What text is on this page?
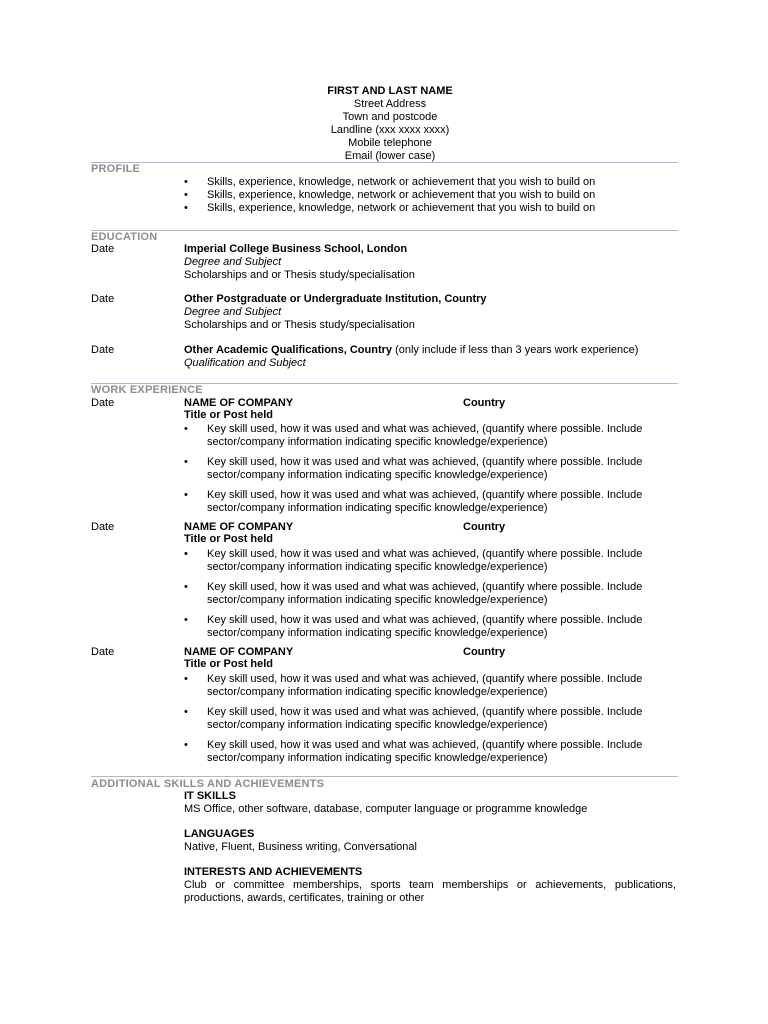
FIRST AND LAST NAME
Street Address
Town and postcode
Landline (xxx xxxx xxxx)
Mobile telephone
Email (lower case)
PROFILE
• Skills, experience, knowledge, network or achievement that you wish to build on
• Skills, experience, knowledge, network or achievement that you wish to build on
• Skills, experience, knowledge, network or achievement that you wish to build on
EDUCATION
Date	Imperial College Business School, London
Degree and Subject
Scholarships and or Thesis study/specialisation
Date	Other Postgraduate or Undergraduate Institution, Country
Degree and Subject
Scholarships and or Thesis study/specialisation
Date	Other Academic Qualifications, Country (only include if less than 3 years work experience)
Qualification and Subject
WORK EXPERIENCE
Date	NAME OF COMPANY	Country
Title or Post held
• Key skill used, how it was used and what was achieved, (quantify where possible. Include
sector/company information indicating specific knowledge/experience)
• Key skill used, how it was used and what was achieved, (quantify where possible. Include
sector/company information indicating specific knowledge/experience)
• Key skill used, how it was used and what was achieved, (quantify where possible. Include
sector/company information indicating specific knowledge/experience)
Date	NAME OF COMPANY	Country
Title or Post held
• Key skill used, how it was used and what was achieved, (quantify where possible. Include
sector/company information indicating specific knowledge/experience)
• Key skill used, how it was used and what was achieved, (quantify where possible. Include
sector/company information indicating specific knowledge/experience)
• Key skill used, how it was used and what was achieved, (quantify where possible. Include
sector/company information indicating specific knowledge/experience)
Date	NAME OF COMPANY	Country
Title or Post held
• Key skill used, how it was used and what was achieved, (quantify where possible. Include
sector/company information indicating specific knowledge/experience)
• Key skill used, how it was used and what was achieved, (quantify where possible. Include
sector/company information indicating specific knowledge/experience)
• Key skill used, how it was used and what was achieved, (quantify where possible. Include
sector/company information indicating specific knowledge/experience)
ADDITIONAL SKILLS AND ACHIEVEMENTS
IT SKILLS
MS Office, other software, database, computer language or programme knowledge
LANGUAGES
Native, Fluent, Business writing, Conversational
INTERESTS AND ACHIEVEMENTS
Club or committee memberships, sports team memberships or achievements, publications,
productions, awards, certificates, training or other
